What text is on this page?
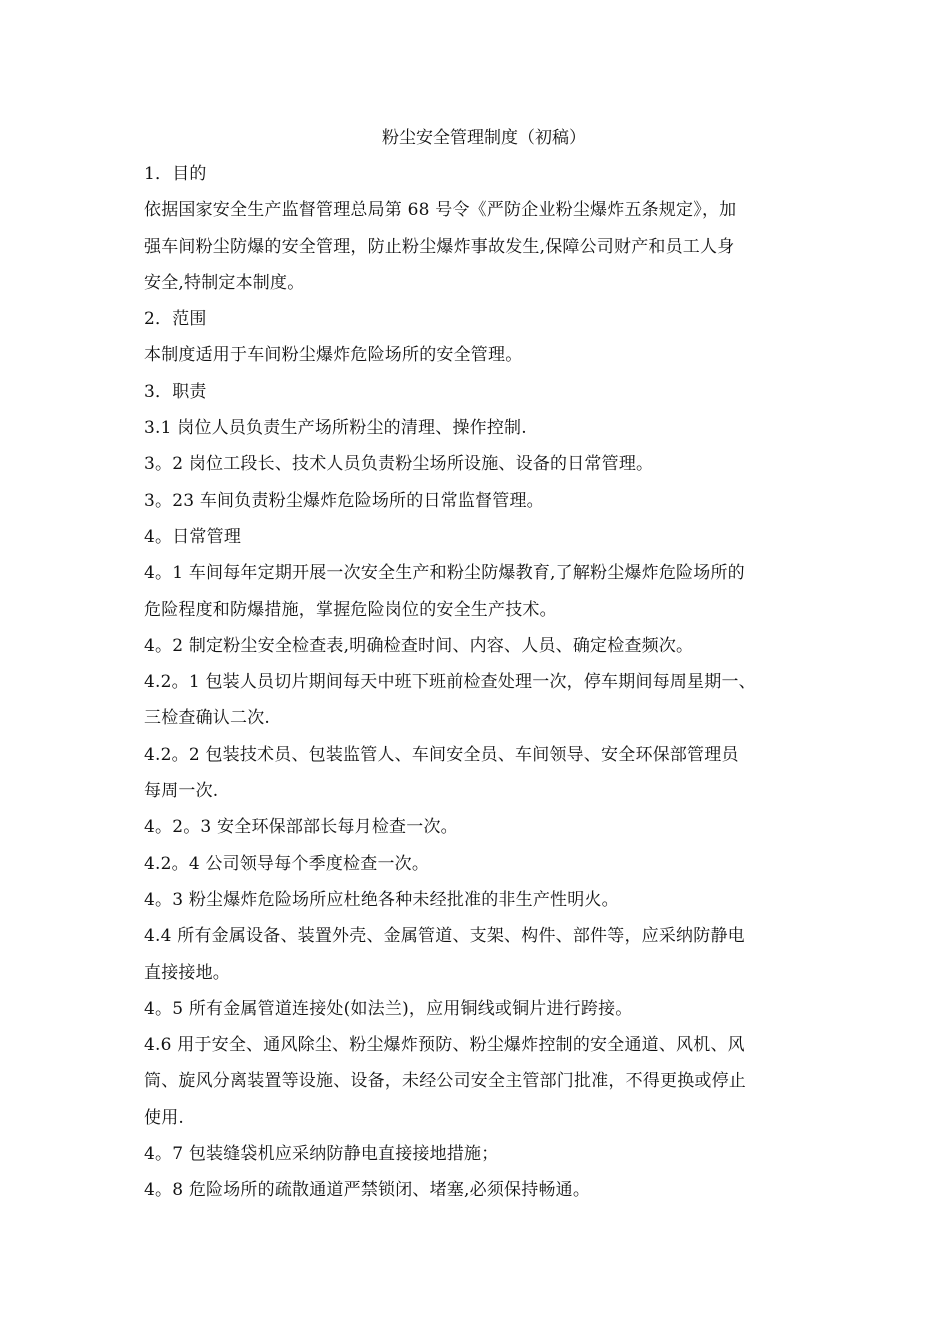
粉尘安全管理制度（初稿）

1．目的

依据国家安全生产监督管理总局第 68 号令《严防企业粉尘爆炸五条规定》，加

强车间粉尘防爆的安全管理，防止粉尘爆炸事故发生,保障公司财产和员工人身

安全,特制定本制度。

2．范围

本制度适用于车间粉尘爆炸危险场所的安全管理。

3．职责

3.1 岗位人员负责生产场所粉尘的清理、操作控制.

3。2 岗位工段长、技术人员负责粉尘场所设施、设备的日常管理。

3。23 车间负责粉尘爆炸危险场所的日常监督管理。

4。日常管理

4。1 车间每年定期开展一次安全生产和粉尘防爆教育,了解粉尘爆炸危险场所的

危险程度和防爆措施，掌握危险岗位的安全生产技术。

4。2 制定粉尘安全检查表,明确检查时间、内容、人员、确定检查频次。

4.2。1 包装人员切片期间每天中班下班前检查处理一次，停车期间每周星期一、

三检查确认二次.

4.2。2 包装技术员、包装监管人、车间安全员、车间领导、安全环保部管理员

每周一次.

4。2。3 安全环保部部长每月检查一次。

4.2。4 公司领导每个季度检查一次。

4。3 粉尘爆炸危险场所应杜绝各种未经批准的非生产性明火。

4.4 所有金属设备、装置外壳、金属管道、支架、构件、部件等，应采纳防静电

直接接地。

4。5 所有金属管道连接处(如法兰)，应用铜线或铜片进行跨接。

4.6 用于安全、通风除尘、粉尘爆炸预防、粉尘爆炸控制的安全通道、风机、风

筒、旋风分离装置等设施、设备，未经公司安全主管部门批准，不得更换或停止

使用.

4。7 包装缝袋机应采纳防静电直接接地措施；

4。8 危险场所的疏散通道严禁锁闭、堵塞,必须保持畅通。
